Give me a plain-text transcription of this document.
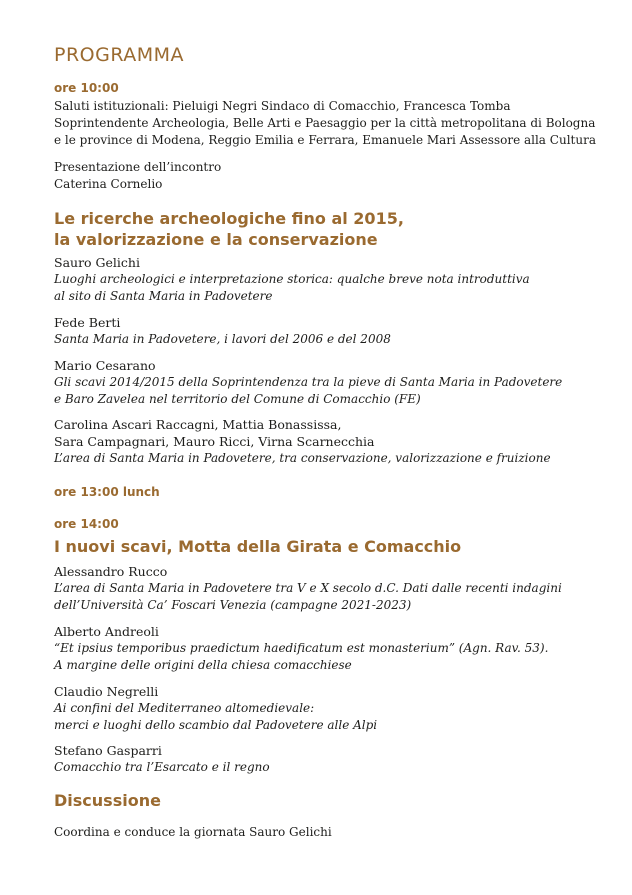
PROGRAMMA
ore 10:00
Saluti istituzionali: Pieluigi Negri Sindaco di Comacchio, Francesca Tomba
Soprintendente Archeologia, Belle Arti e Paesaggio per la città metropolitana di Bologna
e le province di Modena, Reggio Emilia e Ferrara, Emanuele Mari Assessore alla Cultura
Presentazione dell’incontro
Caterina Cornelio
Le ricerche archeologiche fino al 2015,
la valorizzazione e la conservazione
Sauro Gelichi
Luoghi archeologici e interpretazione storica: qualche breve nota introduttiva
al sito di Santa Maria in Padovetere
Fede Berti
Santa Maria in Padovetere, i lavori del 2006 e del 2008
Mario Cesarano
Gli scavi 2014/2015 della Soprintendenza tra la pieve di Santa Maria in Padovetere
e Baro Zavelea nel territorio del Comune di Comacchio (FE)
Carolina Ascari Raccagni, Mattia Bonassissa,
Sara Campagnari, Mauro Ricci, Virna Scarnecchia
L’area di Santa Maria in Padovetere, tra conservazione, valorizzazione e fruizione
ore 13:00 lunch
ore 14:00
I nuovi scavi, Motta della Girata e Comacchio
Alessandro Rucco
L’area di Santa Maria in Padovetere tra V e X secolo d.C. Dati dalle recenti indagini
dell’Università Ca’ Foscari Venezia (campagne 2021-2023)
Alberto Andreoli
“Et ipsius temporibus praedictum haedificatum est monasterium” (Agn. Rav. 53).
A margine delle origini della chiesa comacchiese
Claudio Negrelli
Ai confini del Mediterraneo altomedievale:
merci e luoghi dello scambio dal Padovetere alle Alpi
Stefano Gasparri
Comacchio tra l’Esarcato e il regno
Discussione
Coordina e conduce la giornata Sauro Gelichi
